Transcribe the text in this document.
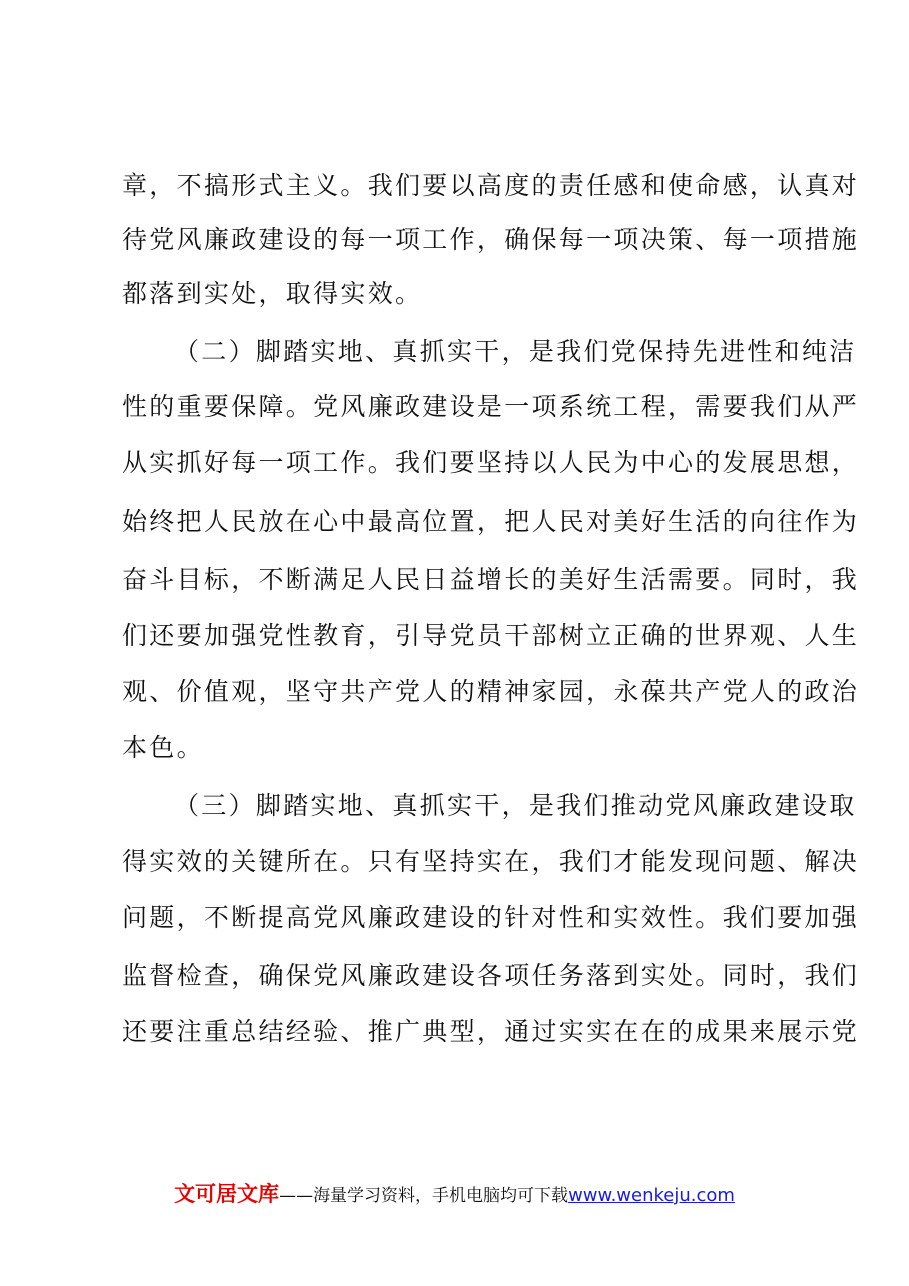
章，不搞形式主义。我们要以高度的责任感和使命感，认真对
待党风廉政建设的每一项工作，确保每一项决策、每一项措施
都落到实处，取得实效。
（二）脚踏实地、真抓实干，是我们党保持先进性和纯洁
性的重要保障。党风廉政建设是一项系统工程，需要我们从严
从实抓好每一项工作。我们要坚持以人民为中心的发展思想，
始终把人民放在心中最高位置，把人民对美好生活的向往作为
奋斗目标，不断满足人民日益增长的美好生活需要。同时，我
们还要加强党性教育，引导党员干部树立正确的世界观、人生
观、价值观，坚守共产党人的精神家园，永葆共产党人的政治
本色。
（三）脚踏实地、真抓实干，是我们推动党风廉政建设取
得实效的关键所在。只有坚持实在，我们才能发现问题、解决
问题，不断提高党风廉政建设的针对性和实效性。我们要加强
监督检查，确保党风廉政建设各项任务落到实处。同时，我们
还要注重总结经验、推广典型，通过实实在在的成果来展示党
文可居文库——海量学习资料，手机电脑均可下载www.wenkeju.com
